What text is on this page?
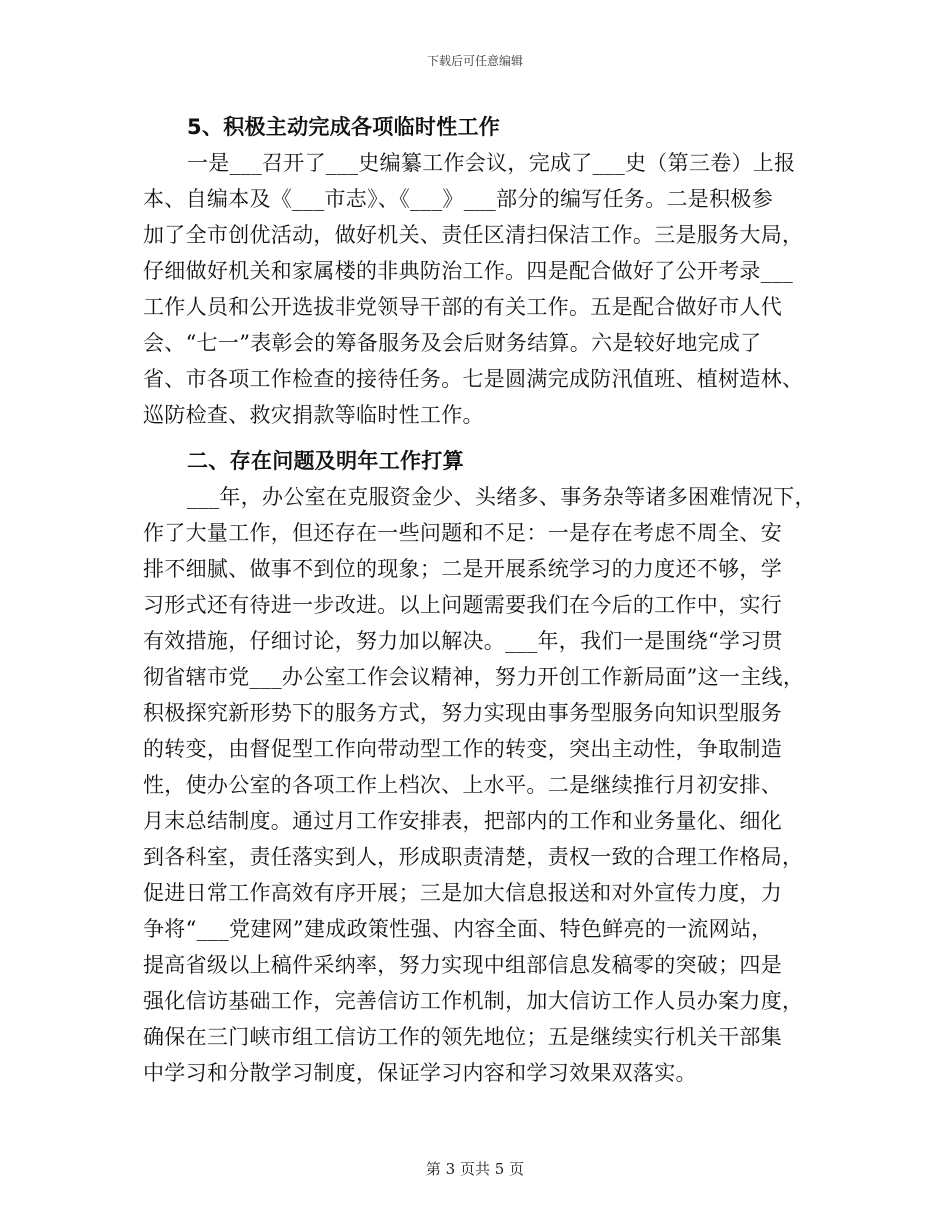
下载后可任意编辑
5、积极主动完成各项临时性工作
一是___召开了___史编纂工作会议，完成了___史（第三卷）上报
本、自编本及《___市志》、《___》___部分的编写任务。二是积极参
加了全市创优活动，做好机关、责任区清扫保洁工作。三是服务大局，
仔细做好机关和家属楼的非典防治工作。四是配合做好了公开考录___
工作人员和公开选拔非党领导干部的有关工作。五是配合做好市人代
会、“七一”表彰会的筹备服务及会后财务结算。六是较好地完成了
省、市各项工作检查的接待任务。七是圆满完成防汛值班、植树造林、
巡防检查、救灾捐款等临时性工作。
二、存在问题及明年工作打算
___年，办公室在克服资金少、头绪多、事务杂等诸多困难情况下，
作了大量工作，但还存在一些问题和不足：一是存在考虑不周全、安
排不细腻、做事不到位的现象；二是开展系统学习的力度还不够，学
习形式还有待进一步改进。以上问题需要我们在今后的工作中，实行
有效措施，仔细讨论，努力加以解决。___年，我们一是围绕“学习贯
彻省辖市党___办公室工作会议精神，努力开创工作新局面”这一主线，
积极探究新形势下的服务方式，努力实现由事务型服务向知识型服务
的转变，由督促型工作向带动型工作的转变，突出主动性，争取制造
性，使办公室的各项工作上档次、上水平。二是继续推行月初安排、
月末总结制度。通过月工作安排表，把部内的工作和业务量化、细化
到各科室，责任落实到人，形成职责清楚，责权一致的合理工作格局，
促进日常工作高效有序开展；三是加大信息报送和对外宣传力度，力
争将“___党建网”建成政策性强、内容全面、特色鲜亮的一流网站，
提高省级以上稿件采纳率，努力实现中组部信息发稿零的突破；四是
强化信访基础工作，完善信访工作机制，加大信访工作人员办案力度，
确保在三门峡市组工信访工作的领先地位；五是继续实行机关干部集
中学习和分散学习制度，保证学习内容和学习效果双落实。
第 3 页共 5 页
